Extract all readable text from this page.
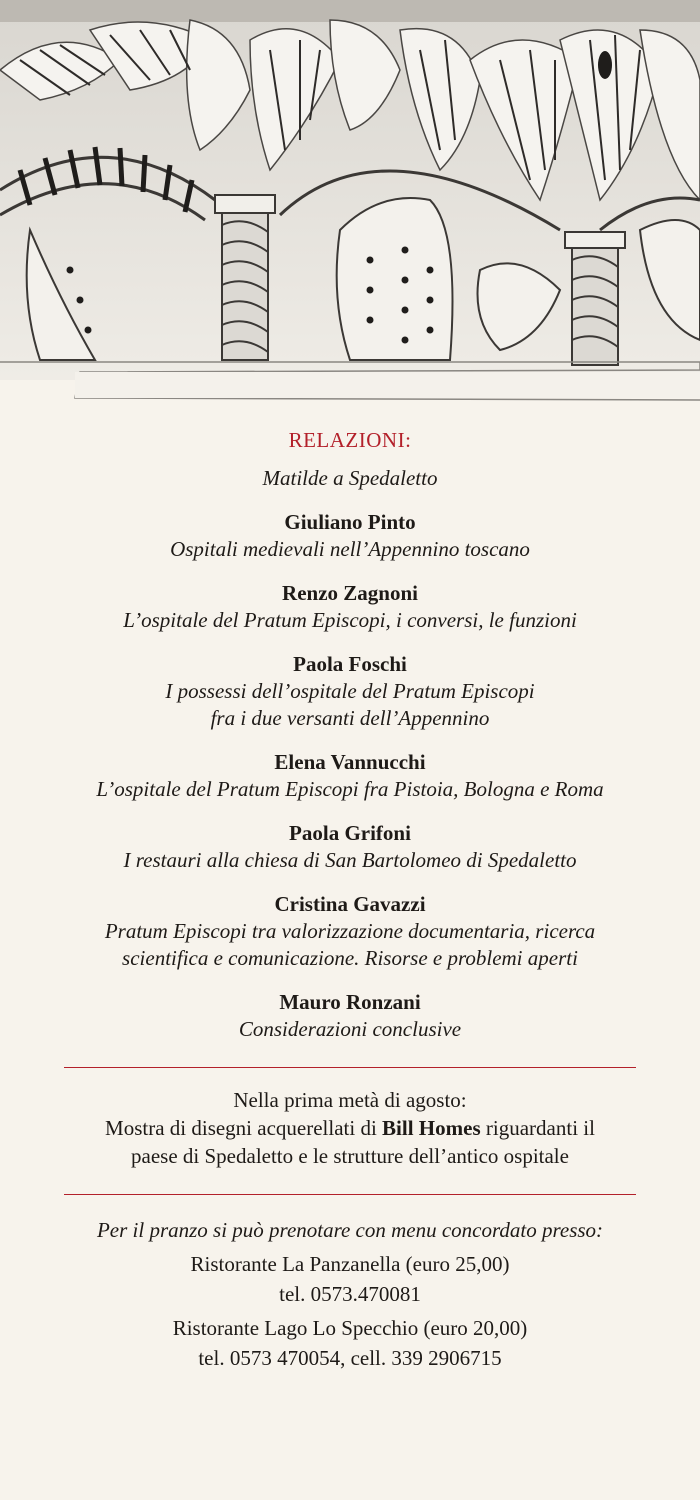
RELAZIONI:
Matilde a Spedaletto
Giuliano Pinto
Ospitali medievali nell’Appennino toscano
Renzo Zagnoni
L’ospitale del Pratum Episcopi, i conversi, le funzioni
Paola Foschi
I possessi dell’ospitale del Pratum Episcopi
fra i due versanti dell’Appennino
Elena Vannucchi
L’ospitale del Pratum Episcopi fra Pistoia, Bologna e Roma
Paola Grifoni
I restauri alla chiesa di San Bartolomeo di Spedaletto
Cristina Gavazzi
Pratum Episcopi tra valorizzazione documentaria, ricerca
scientifica e comunicazione. Risorse e problemi aperti
Mauro Ronzani
Considerazioni conclusive
Nella prima metà di agosto:
Mostra di disegni acquerellati di Bill Homes riguardanti il
paese di Spedaletto e le strutture dell’antico ospitale
Per il pranzo si può prenotare con menu concordato presso:
Ristorante La Panzanella (euro 25,00)
tel. 0573.470081
Ristorante Lago Lo Specchio (euro 20,00)
tel. 0573 470054, cell. 339 2906715
